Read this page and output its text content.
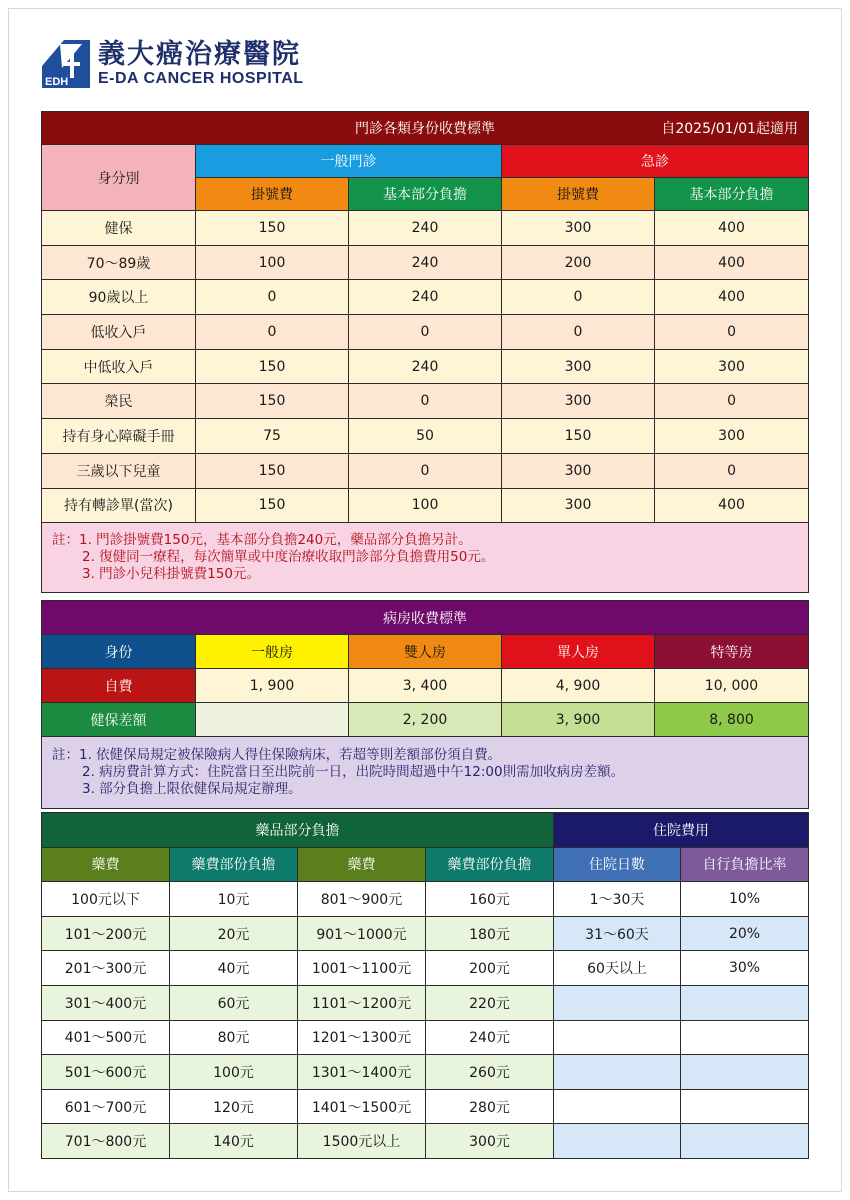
EDH
義大癌治療醫院
E-DA CANCER HOSPITAL
門診各類身份收費標準 自2025/01/01起適用				

身分別	一般門診		急診	
	掛號費	基本部分負擔	掛號費	基本部分負擔
健保	150	240	300	400
70～89歲	100	240	200	400
90歲以上	0	240	0	400
低收入戶	0	0	0	0
中低收入戶	150	240	300	300
榮民	150	0	300	0
持有身心障礙手冊	75	50	150	300
三歲以下兒童	150	0	300	0
持有轉診單(當次)	150	100	300	400

註：1. 門診掛號費150元，基本部分負擔240元，藥品部分負擔另計。
2. 復健同一療程，每次簡單或中度治療收取門診部分負擔費用50元。
3. 門診小兒科掛號費150元。				
病房收費標準				
身份	一般房	雙人房	單人房	特等房
自費	1, 900	3, 400	4, 900	10, 000
健保差額		2, 200	3, 900	8, 800

註：1. 依健保局規定被保險病人得住保險病床，若超等則差額部份須自費。
2. 病房費計算方式：住院當日至出院前一日，出院時間超過中午12:00則需加收病房差額。
3. 部分負擔上限依健保局規定辦理。				
藥品部分負擔				住院費用	
藥費	藥費部份負擔	藥費	藥費部份負擔	住院日數	自行負擔比率
100元以下	10元	801～900元	160元	1～30天	10%
101～200元	20元	901～1000元	180元	31～60天	20%
201～300元	40元	1001～1100元	200元	60天以上	30%
301～400元	60元	1101～1200元	220元		
401～500元	80元	1201～1300元	240元		
501～600元	100元	1301～1400元	260元		
601～700元	120元	1401～1500元	280元		
701～800元	140元	1500元以上	300元		
